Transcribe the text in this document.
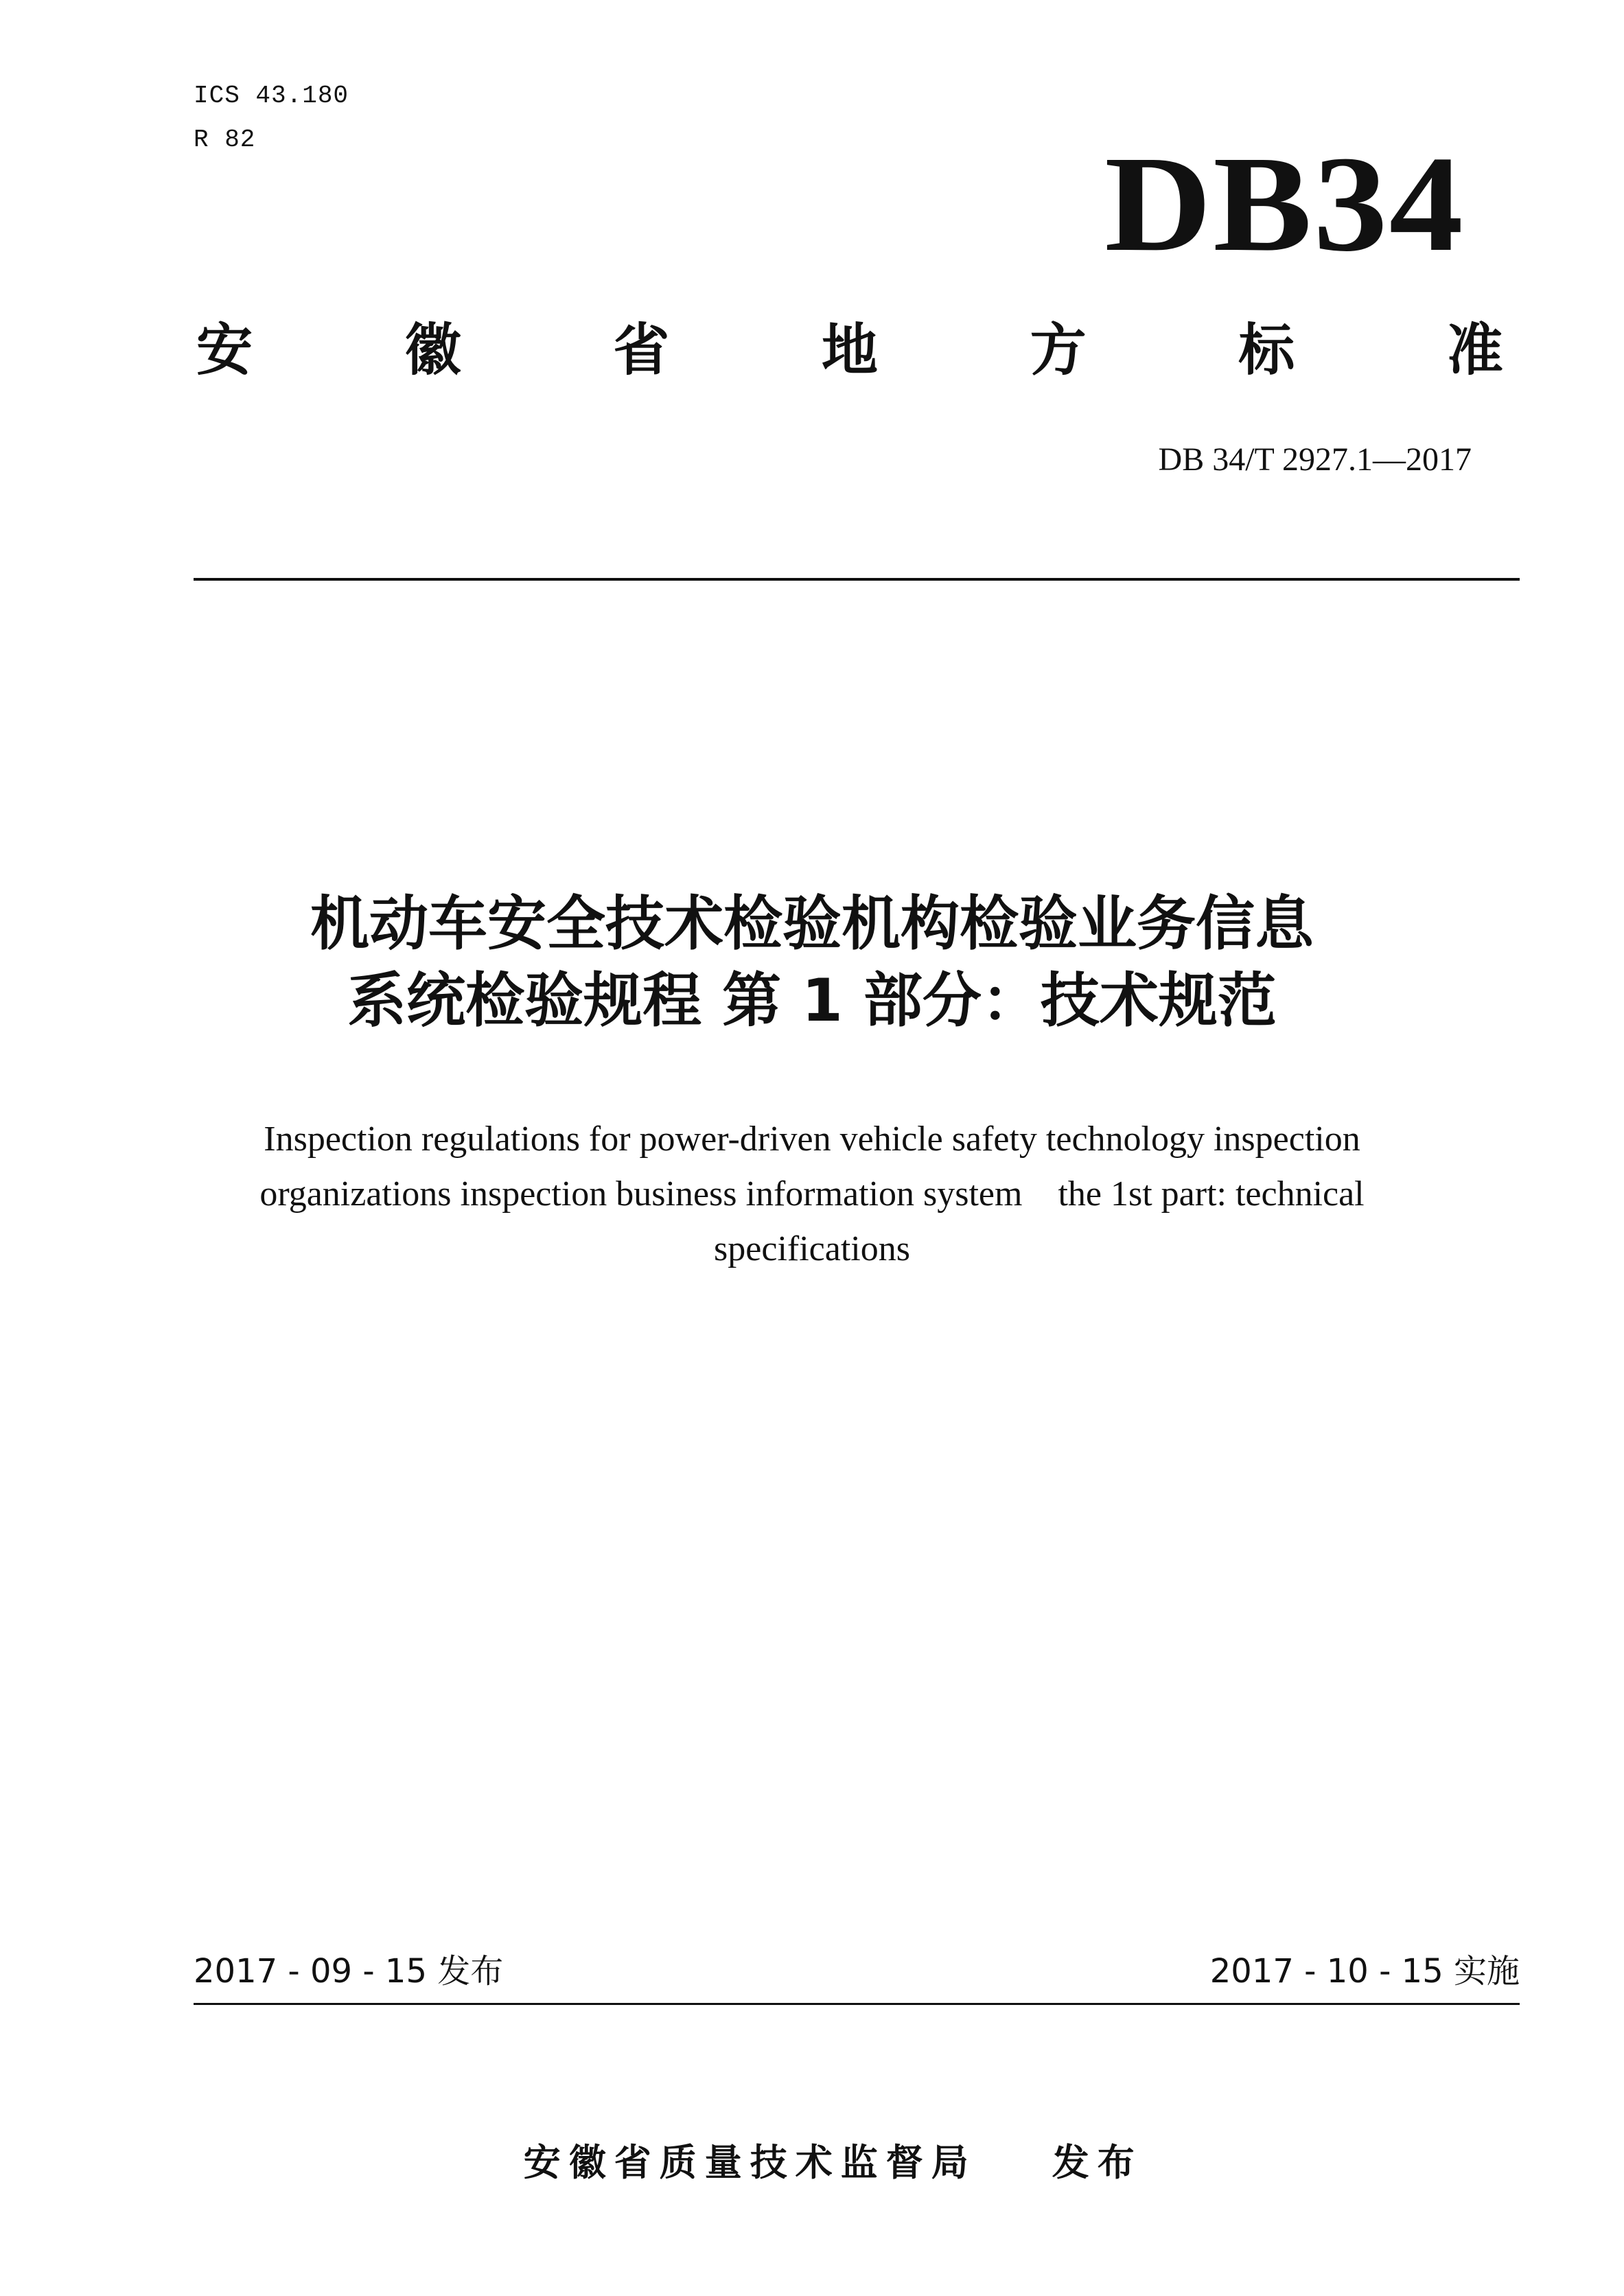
ICS 43.180
R 82	DB34
安	徽	省	地	方	标	准
DB 34/T 2927.1—2017
机动车安全技术检验机构检验业务信息
系统检验规程 第 1 部分：技术规范
Inspection regulations for power-driven vehicle safety technology inspection
organizations inspection business information system    the 1st part: technical
specifications
2017 - 09 - 15 发布	2017 - 10 - 15 实施

安徽省质量技术监督局 发布
